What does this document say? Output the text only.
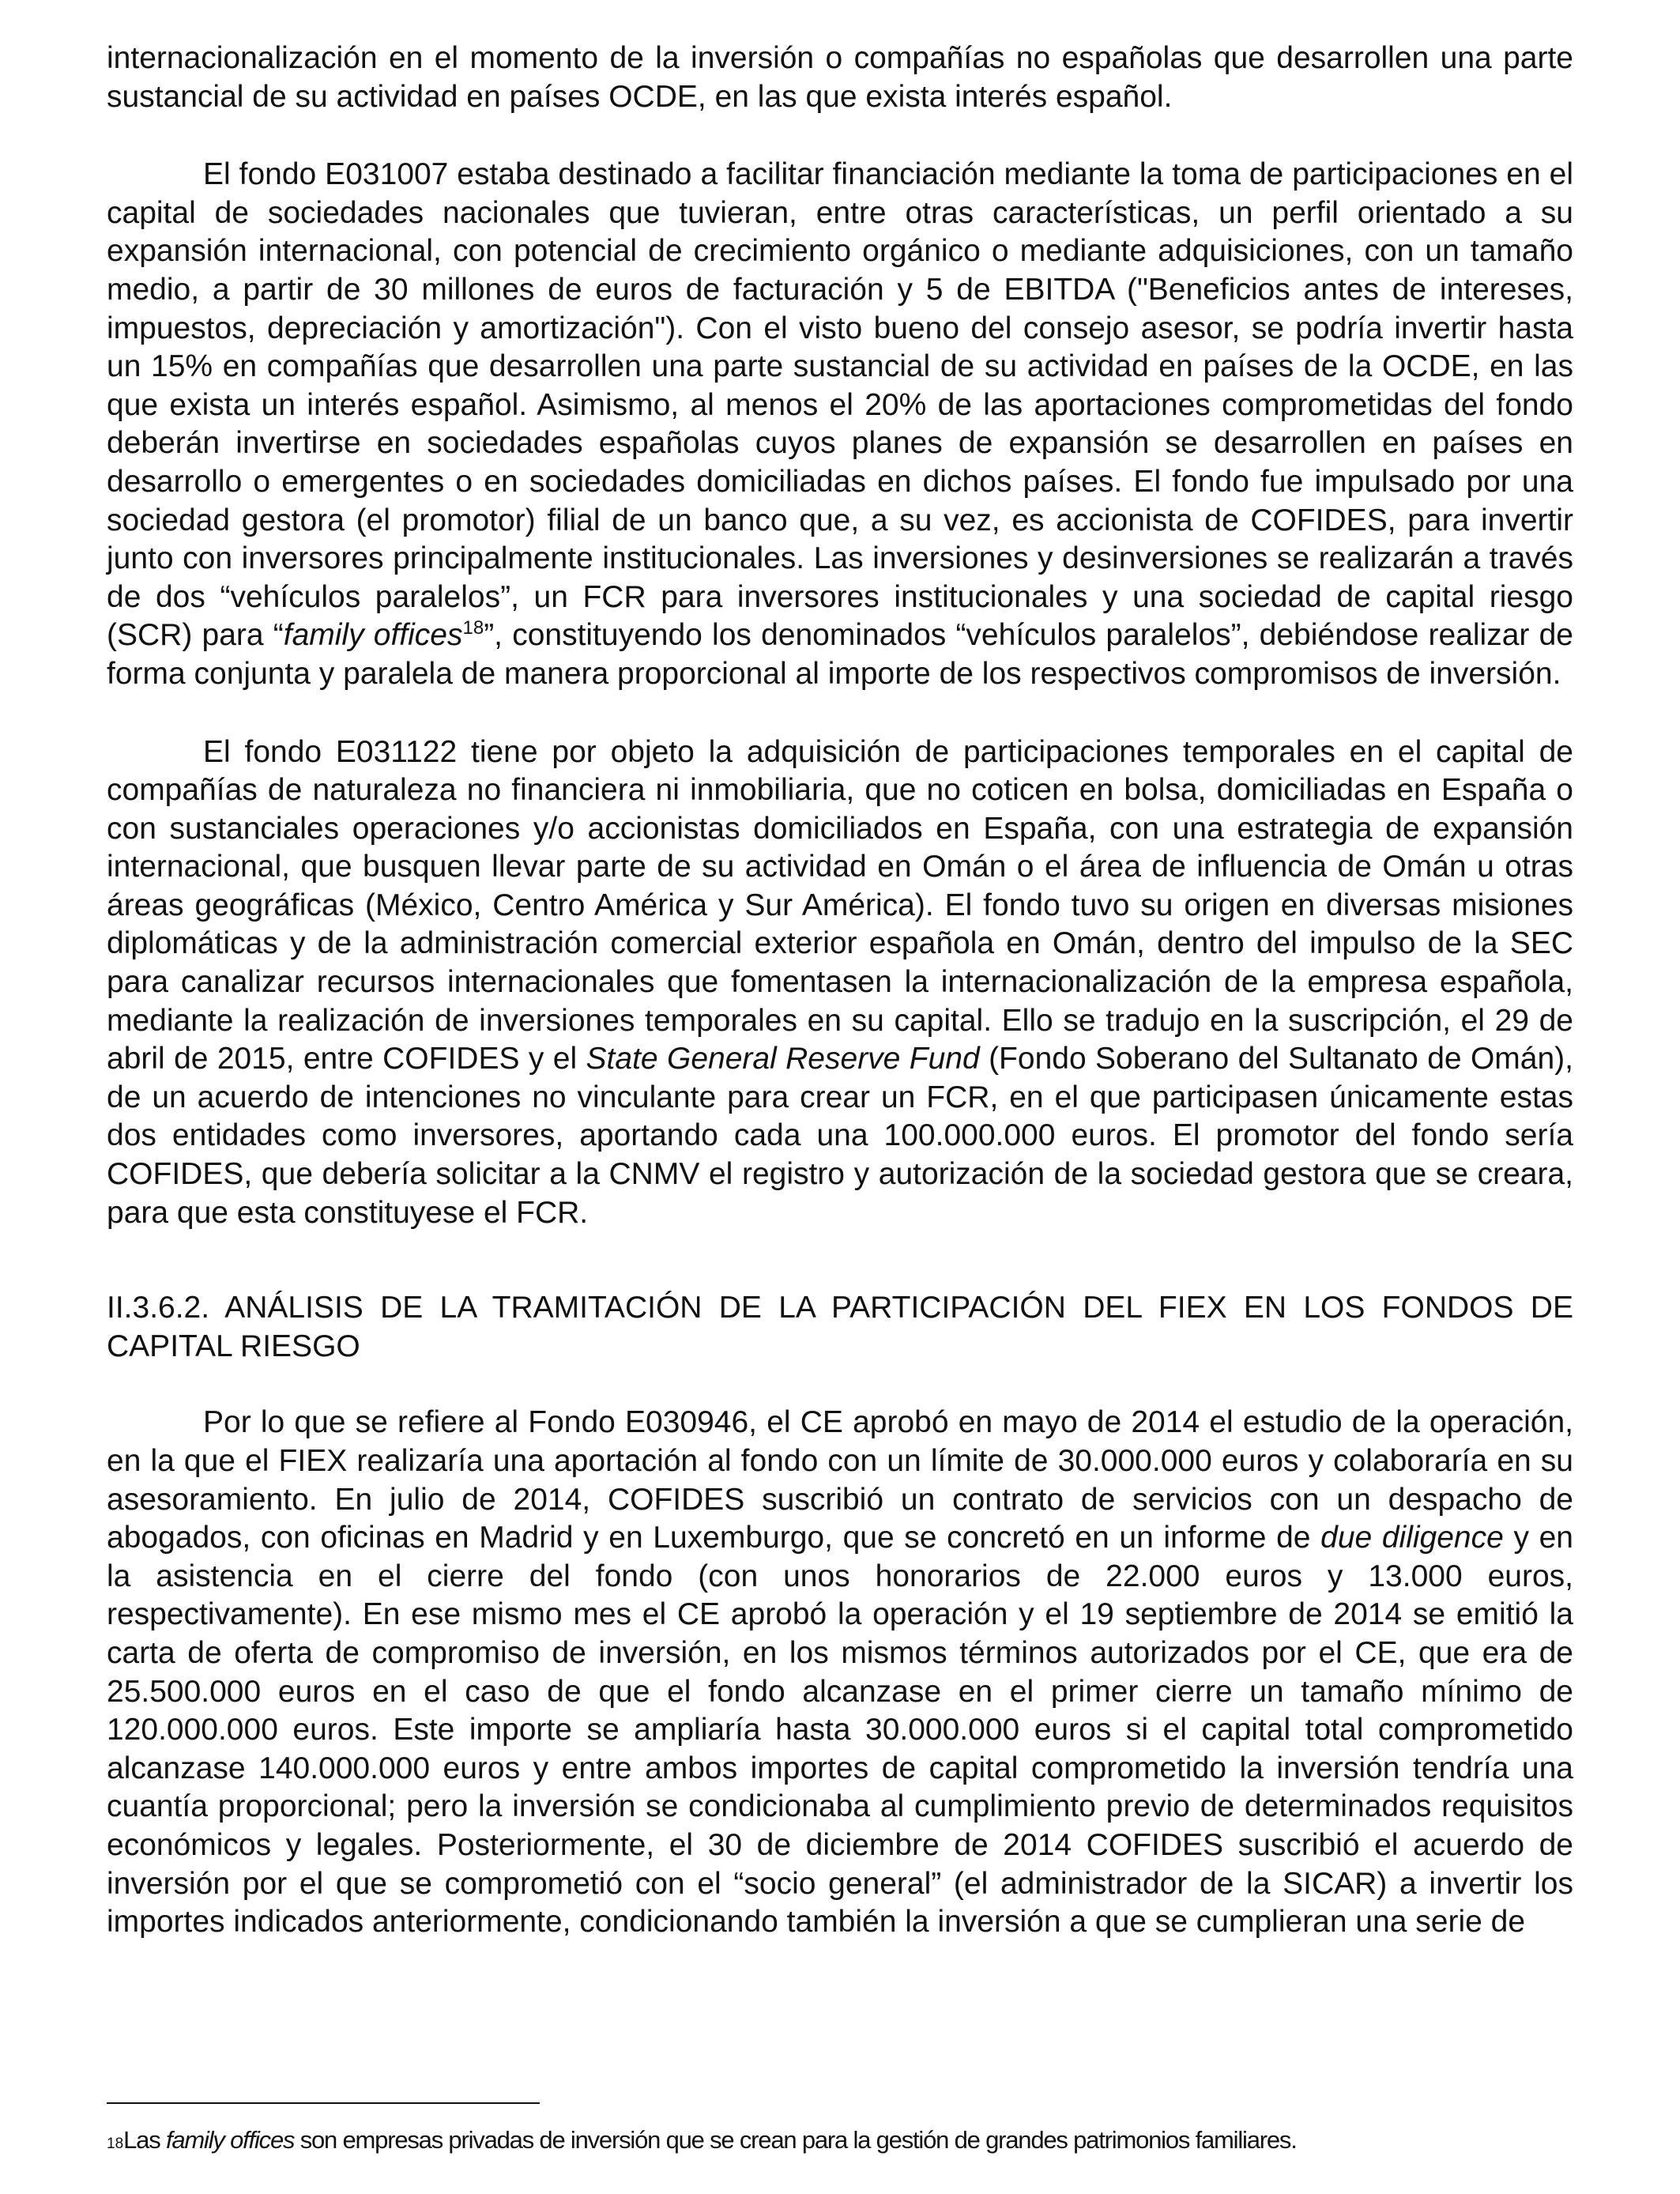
internacionalización en el momento de la inversión o compañías no españolas que desarrollen una parte sustancial de su actividad en países OCDE, en las que exista interés español.

El fondo E031007 estaba destinado a facilitar financiación mediante la toma de participaciones en el capital de sociedades nacionales que tuvieran, entre otras características, un perfil orientado a su expansión internacional, con potencial de crecimiento orgánico o mediante adquisiciones, con un tamaño medio, a partir de 30 millones de euros de facturación y 5 de EBITDA ("Beneficios antes de intereses, impuestos, depreciación y amortización"). Con el visto bueno del consejo asesor, se podría invertir hasta un 15% en compañías que desarrollen una parte sustancial de su actividad en países de la OCDE, en las que exista un interés español. Asimismo, al menos el 20% de las aportaciones comprometidas del fondo deberán invertirse en sociedades españolas cuyos planes de expansión se desarrollen en países en desarrollo o emergentes o en sociedades domiciliadas en dichos países. El fondo fue impulsado por una sociedad gestora (el promotor) filial de un banco que, a su vez, es accionista de COFIDES, para invertir junto con inversores principalmente institucionales. Las inversiones y desinversiones se realizarán a través de dos “vehículos paralelos”, un FCR para inversores institucionales y una sociedad de capital riesgo (SCR) para “family offices$^{18}$”, constituyendo los denominados “vehículos paralelos”, debiéndose realizar de forma conjunta y paralela de manera proporcional al importe de los respectivos compromisos de inversión.

El fondo E031122 tiene por objeto la adquisición de participaciones temporales en el capital de compañías de naturaleza no financiera ni inmobiliaria, que no coticen en bolsa, domiciliadas en España o con sustanciales operaciones y/o accionistas domiciliados en España, con una estrategia de expansión internacional, que busquen llevar parte de su actividad en Omán o el área de influencia de Omán u otras áreas geográficas (México, Centro América y Sur América). El fondo tuvo su origen en diversas misiones diplomáticas y de la administración comercial exterior española en Omán, dentro del impulso de la SEC para canalizar recursos internacionales que fomentasen la internacionalización de la empresa española, mediante la realización de inversiones temporales en su capital. Ello se tradujo en la suscripción, el 29 de abril de 2015, entre COFIDES y el State General Reserve Fund (Fondo Soberano del Sultanato de Omán), de un acuerdo de intenciones no vinculante para crear un FCR, en el que participasen únicamente estas dos entidades como inversores, aportando cada una 100.000.000 euros. El promotor del fondo sería COFIDES, que debería solicitar a la CNMV el registro y autorización de la sociedad gestora que se creara, para que esta constituyese el FCR.

II.3.6.2. ANÁLISIS DE LA TRAMITACIÓN DE LA PARTICIPACIÓN DEL FIEX EN LOS FONDOS DE CAPITAL RIESGO

Por lo que se refiere al Fondo E030946, el CE aprobó en mayo de 2014 el estudio de la operación, en la que el FIEX realizaría una aportación al fondo con un límite de 30.000.000 euros y colaboraría en su asesoramiento. En julio de 2014, COFIDES suscribió un contrato de servicios con un despacho de abogados, con oficinas en Madrid y en Luxemburgo, que se concretó en un informe de due diligence y en la asistencia en el cierre del fondo (con unos honorarios de 22.000 euros y 13.000 euros, respectivamente). En ese mismo mes el CE aprobó la operación y el 19 septiembre de 2014 se emitió la carta de oferta de compromiso de inversión, en los mismos términos autorizados por el CE, que era de 25.500.000 euros en el caso de que el fondo alcanzase en el primer cierre un tamaño mínimo de 120.000.000 euros. Este importe se ampliaría hasta 30.000.000 euros si el capital total comprometido alcanzase 140.000.000 euros y entre ambos importes de capital comprometido la inversión tendría una cuantía proporcional; pero la inversión se condicionaba al cumplimiento previo de determinados requisitos económicos y legales. Posteriormente, el 30 de diciembre de 2014 COFIDES suscribió el acuerdo de inversión por el que se comprometió con el “socio general” (el administrador de la SICAR) a invertir los importes indicados anteriormente, condicionando también la inversión a que se cumplieran una serie de

18Las family offices son empresas privadas de inversión que se crean para la gestión de grandes patrimonios familiares.
